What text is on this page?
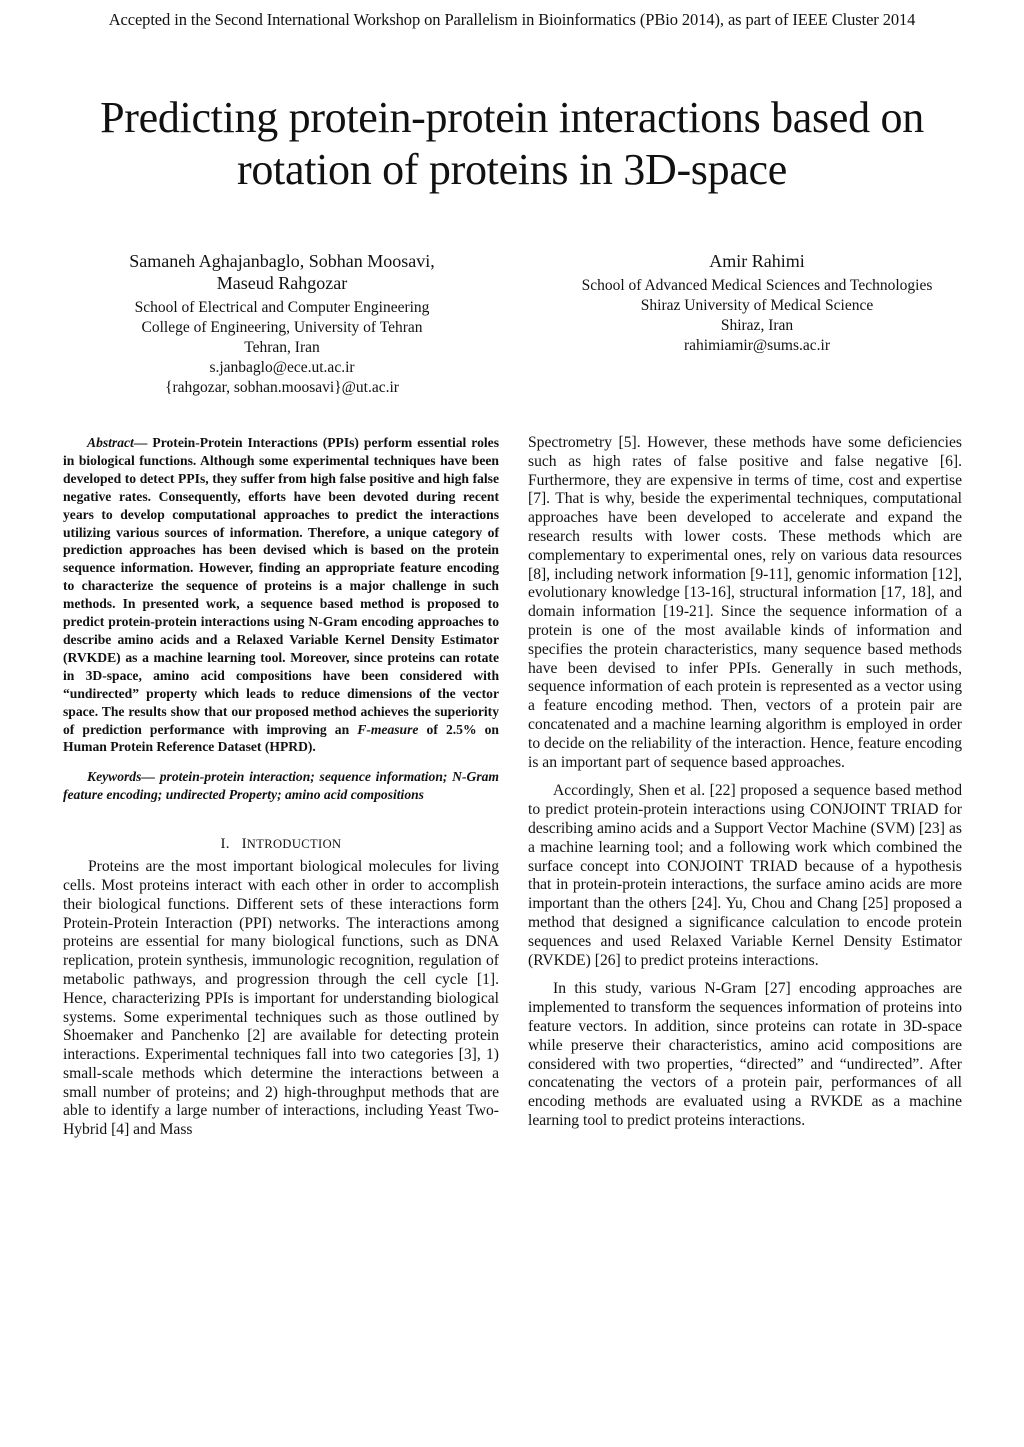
Accepted in the Second International Workshop on Parallelism in Bioinformatics (PBio 2014), as part of IEEE Cluster 2014
Predicting protein-protein interactions based on rotation of proteins in 3D-space
Samaneh Aghajanbaglo, Sobhan Moosavi,
Maseud Rahgozar
School of Electrical and Computer Engineering
College of Engineering, University of Tehran
Tehran, Iran
s.janbaglo@ece.ut.ac.ir
{rahgozar, sobhan.moosavi}@ut.ac.ir
Amir Rahimi
School of Advanced Medical Sciences and Technologies
Shiraz University of Medical Science
Shiraz, Iran
rahimiamir@sums.ac.ir

Abstract— Protein-Protein Interactions (PPIs) perform essential roles in biological functions. Although some experimental techniques have been developed to detect PPIs, they suffer from high false positive and high false negative rates. Consequently, efforts have been devoted during recent years to develop computational approaches to predict the interactions utilizing various sources of information. Therefore, a unique category of prediction approaches has been devised which is based on the protein sequence information. However, finding an appropriate feature encoding to characterize the sequence of proteins is a major challenge in such methods. In presented work, a sequence based method is proposed to predict protein-protein interactions using N-Gram encoding approaches to describe amino acids and a Relaxed Variable Kernel Density Estimator (RVKDE) as a machine learning tool. Moreover, since proteins can rotate in 3D-space, amino acid compositions have been considered with “undirected” property which leads to reduce dimensions of the vector space. The results show that our proposed method achieves the superiority of prediction performance with improving an F-measure of 2.5% on Human Protein Reference Dataset (HPRD).

Keywords— protein-protein interaction; sequence information; N-Gram feature encoding; undirected Property; amino acid compositions

I. INTRODUCTION

Proteins are the most important biological molecules for living cells. Most proteins interact with each other in order to accomplish their biological functions. Different sets of these interactions form Protein-Protein Interaction (PPI) networks. The interactions among proteins are essential for many biological functions, such as DNA replication, protein synthesis, immunologic recognition, regulation of metabolic pathways, and progression through the cell cycle [1]. Hence, characterizing PPIs is important for understanding biological systems. Some experimental techniques such as those outlined by Shoemaker and Panchenko [2] are available for detecting protein interactions. Experimental techniques fall into two categories [3], 1) small-scale methods which determine the interactions between a small number of proteins; and 2) high-throughput methods that are able to identify a large number of interactions, including Yeast Two-Hybrid [4] and Mass

Spectrometry [5]. However, these methods have some deficiencies such as high rates of false positive and false negative [6]. Furthermore, they are expensive in terms of time, cost and expertise [7]. That is why, beside the experimental techniques, computational approaches have been developed to accelerate and expand the research results with lower costs. These methods which are complementary to experimental ones, rely on various data resources [8], including network information [9-11], genomic information [12], evolutionary knowledge [13-16], structural information [17, 18], and domain information [19-21]. Since the sequence information of a protein is one of the most available kinds of information and specifies the protein characteristics, many sequence based methods have been devised to infer PPIs. Generally in such methods, sequence information of each protein is represented as a vector using a feature encoding method. Then, vectors of a protein pair are concatenated and a machine learning algorithm is employed in order to decide on the reliability of the interaction. Hence, feature encoding is an important part of sequence based approaches.

Accordingly, Shen et al. [22] proposed a sequence based method to predict protein-protein interactions using CONJOINT TRIAD for describing amino acids and a Support Vector Machine (SVM) [23] as a machine learning tool; and a following work which combined the surface concept into CONJOINT TRIAD because of a hypothesis that in protein-protein interactions, the surface amino acids are more important than the others [24]. Yu, Chou and Chang [25] proposed a method that designed a significance calculation to encode protein sequences and used Relaxed Variable Kernel Density Estimator (RVKDE) [26] to predict proteins interactions.

In this study, various N-Gram [27] encoding approaches are implemented to transform the sequences information of proteins into feature vectors. In addition, since proteins can rotate in 3D-space while preserve their characteristics, amino acid compositions are considered with two properties, “directed” and “undirected”. After concatenating the vectors of a protein pair, performances of all encoding methods are evaluated using a RVKDE as a machine learning tool to predict proteins interactions.
